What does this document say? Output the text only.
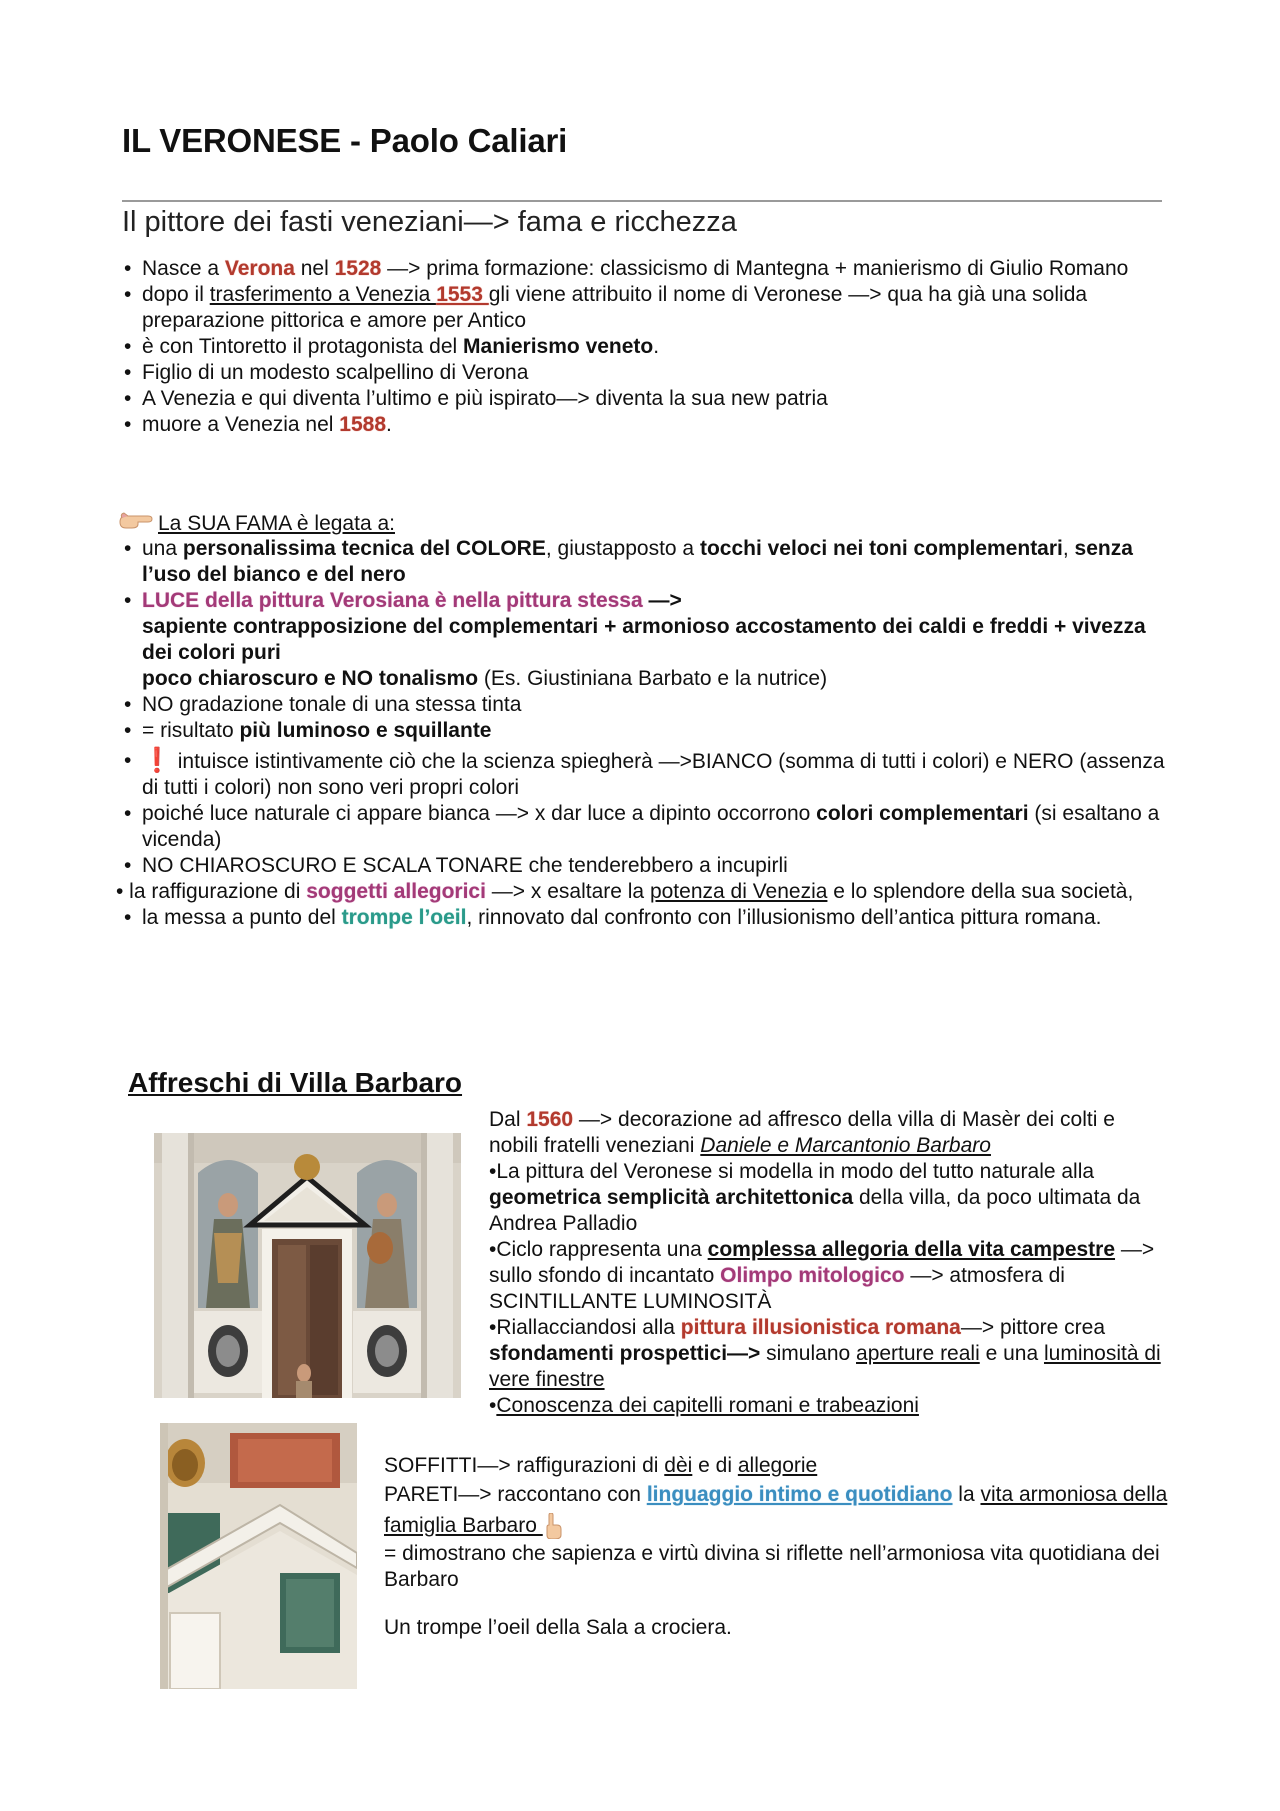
IL VERONESE - Paolo Caliari
Il pittore dei fasti veneziani—> fama e ricchezza
• Nasce a Verona nel 1528 —> prima formazione: classicismo di Mantegna + manierismo di Giulio Romano
• dopo il trasferimento a Venezia 1553 gli viene attribuito il nome di Veronese —> qua ha già una solida preparazione pittorica e amore per Antico
• è con Tintoretto il protagonista del Manierismo veneto.
• Figlio di un modesto scalpellino di Verona
• A Venezia e qui diventa l’ultimo e più ispirato—> diventa la sua new patria
• muore a Venezia nel 1588.
La SUA FAMA è legata a:
• una personalissima tecnica del COLORE, giustapposto a tocchi veloci nei toni complementari, senza l’uso del bianco e del nero
• LUCE della pittura Verosiana è nella pittura stessa —>
sapiente contrapposizione del complementari + armonioso accostamento dei caldi e freddi + vivezza dei colori puri
poco chiaroscuro e NO tonalismo (Es. Giustiniana Barbato e la nutrice)
• NO gradazione tonale di una stessa tinta
• = risultato più luminoso e squillante
• ❗ intuisce istintivamente ciò che la scienza spiegherà —>BIANCO (somma di tutti i colori) e NERO (assenza di tutti i colori) non sono veri propri colori
• poiché luce naturale ci appare bianca —> x dar luce a dipinto occorrono colori complementari (si esaltano a vicenda)
• NO CHIAROSCURO E SCALA TONARE che tenderebbero a incupirli
• la raffigurazione di soggetti allegorici —> x esaltare la potenza di Venezia e lo splendore della sua società,
• la messa a punto del trompe l’oeil, rinnovato dal confronto con l’illusionismo dell’antica pittura romana.
Affreschi di Villa Barbaro
Dal 1560 —> decorazione ad affresco della villa di Masèr dei colti e nobili fratelli veneziani Daniele e Marcantonio Barbaro
•La pittura del Veronese si modella in modo del tutto naturale alla geometrica semplicità architettonica della villa, da poco ultimata da Andrea Palladio
•Ciclo rappresenta una complessa allegoria della vita campestre —> sullo sfondo di incantato Olimpo mitologico —> atmosfera di SCINTILLANTE LUMINOSITÀ
•Riallacciandosi alla pittura illusionistica romana—> pittore crea sfondamenti prospettici—> simulano aperture reali e una luminosità di vere finestre
•Conoscenza dei capitelli romani e trabeazioni
SOFFITTI—> raffigurazioni di dèi e di allegorie
PARETI—> raccontano con linguaggio intimo e quotidiano la vita armoniosa della famiglia Barbaro
= dimostrano che sapienza e virtù divina si riflette nell’armoniosa vita quotidiana dei Barbaro
Un trompe l’oeil della Sala a crociera.
